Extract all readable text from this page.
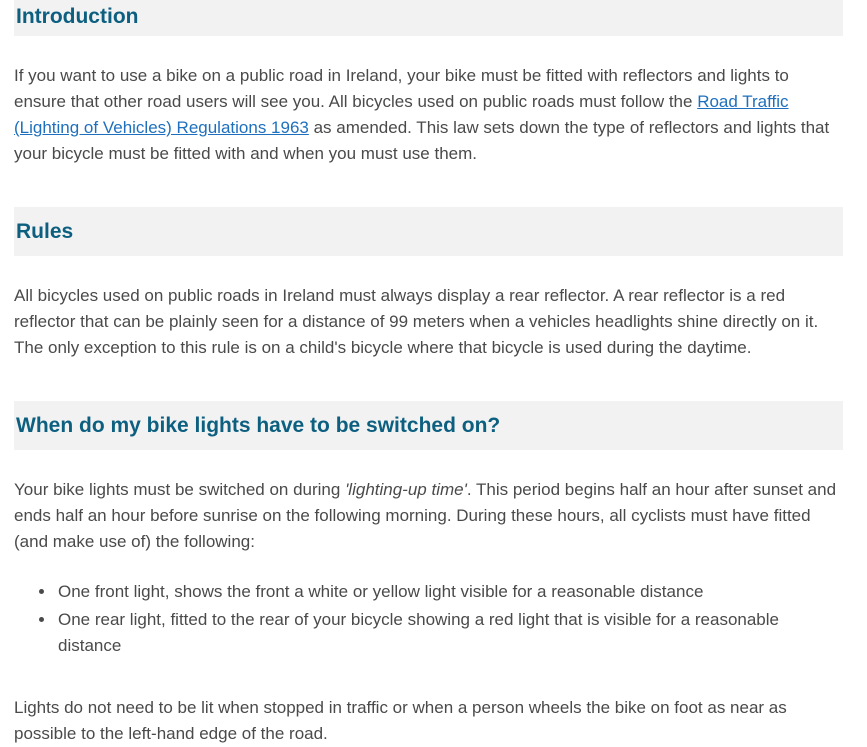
Introduction

If you want to use a bike on a public road in Ireland, your bike must be fitted with reflectors and lights to ensure that other road users will see you. All bicycles used on public roads must follow the Road Traffic (Lighting of Vehicles) Regulations 1963 as amended. This law sets down the type of reflectors and lights that your bicycle must be fitted with and when you must use them.

Rules

All bicycles used on public roads in Ireland must always display a rear reflector. A rear reflector is a red reflector that can be plainly seen for a distance of 99 meters when a vehicles headlights shine directly on it. The only exception to this rule is on a child's bicycle where that bicycle is used during the daytime.

When do my bike lights have to be switched on?

Your bike lights must be switched on during 'lighting-up time'. This period begins half an hour after sunset and ends half an hour before sunrise on the following morning. During these hours, all cyclists must have fitted (and make use of) the following:

• One front light, shows the front a white or yellow light visible for a reasonable distance
• One rear light, fitted to the rear of your bicycle showing a red light that is visible for a reasonable distance

Lights do not need to be lit when stopped in traffic or when a person wheels the bike on foot as near as possible to the left-hand edge of the road.
